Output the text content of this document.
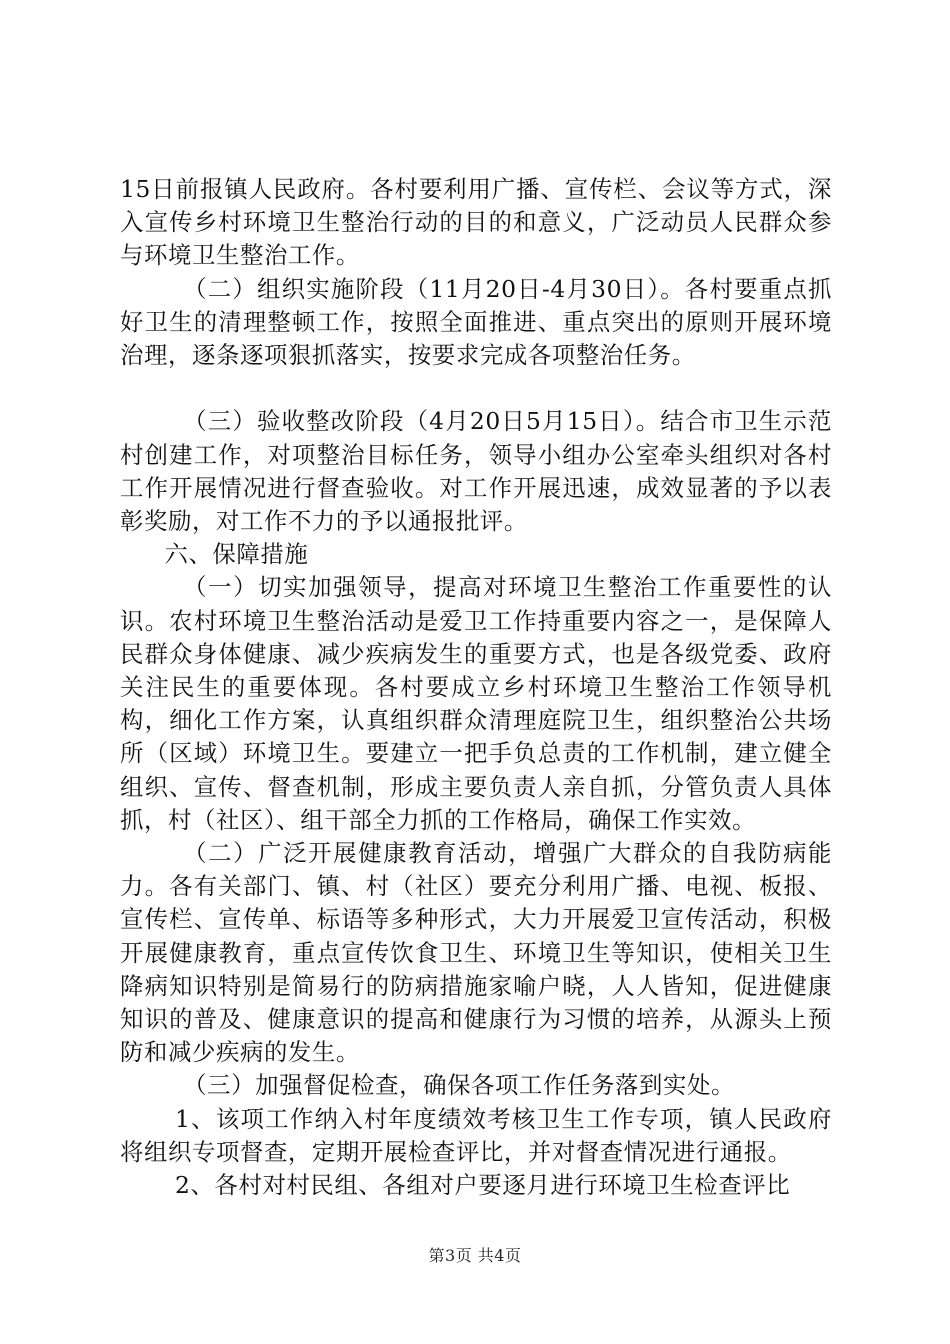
15日前报镇人民政府。各村要利用广播、宣传栏、会议等方式，深入宣传乡村环境卫生整治行动的目的和意义，广泛动员人民群众参与环境卫生整治工作。

（二）组织实施阶段（11月20日-4月30日）。各村要重点抓好卫生的清理整顿工作，按照全面推进、重点突出的原则开展环境治理，逐条逐项狠抓落实，按要求完成各项整治任务。

（三）验收整改阶段（4月20日5月15日）。结合市卫生示范村创建工作，对项整治目标任务，领导小组办公室牵头组织对各村工作开展情况进行督查验收。对工作开展迅速，成效显著的予以表彰奖励，对工作不力的予以通报批评。

六、保障措施

（一）切实加强领导，提高对环境卫生整治工作重要性的认识。农村环境卫生整治活动是爱卫工作持重要内容之一，是保障人民群众身体健康、减少疾病发生的重要方式，也是各级党委、政府关注民生的重要体现。各村要成立乡村环境卫生整治工作领导机构，细化工作方案，认真组织群众清理庭院卫生，组织整治公共场所（区域）环境卫生。要建立一把手负总责的工作机制，建立健全组织、宣传、督查机制，形成主要负责人亲自抓，分管负责人具体抓，村（社区）、组干部全力抓的工作格局，确保工作实效。

（二）广泛开展健康教育活动，增强广大群众的自我防病能力。各有关部门、镇、村（社区）要充分利用广播、电视、板报、宣传栏、宣传单、标语等多种形式，大力开展爱卫宣传活动，积极开展健康教育，重点宣传饮食卫生、环境卫生等知识，使相关卫生降病知识特别是简易行的防病措施家喻户晓，人人皆知，促进健康知识的普及、健康意识的提高和健康行为习惯的培养，从源头上预防和减少疾病的发生。

（三）加强督促检查，确保各项工作任务落到实处。

1、该项工作纳入村年度绩效考核卫生工作专项，镇人民政府将组织专项督查，定期开展检查评比，并对督查情况进行通报。

2、各村对村民组、各组对户要逐月进行环境卫生检查评比

第3页 共4页
